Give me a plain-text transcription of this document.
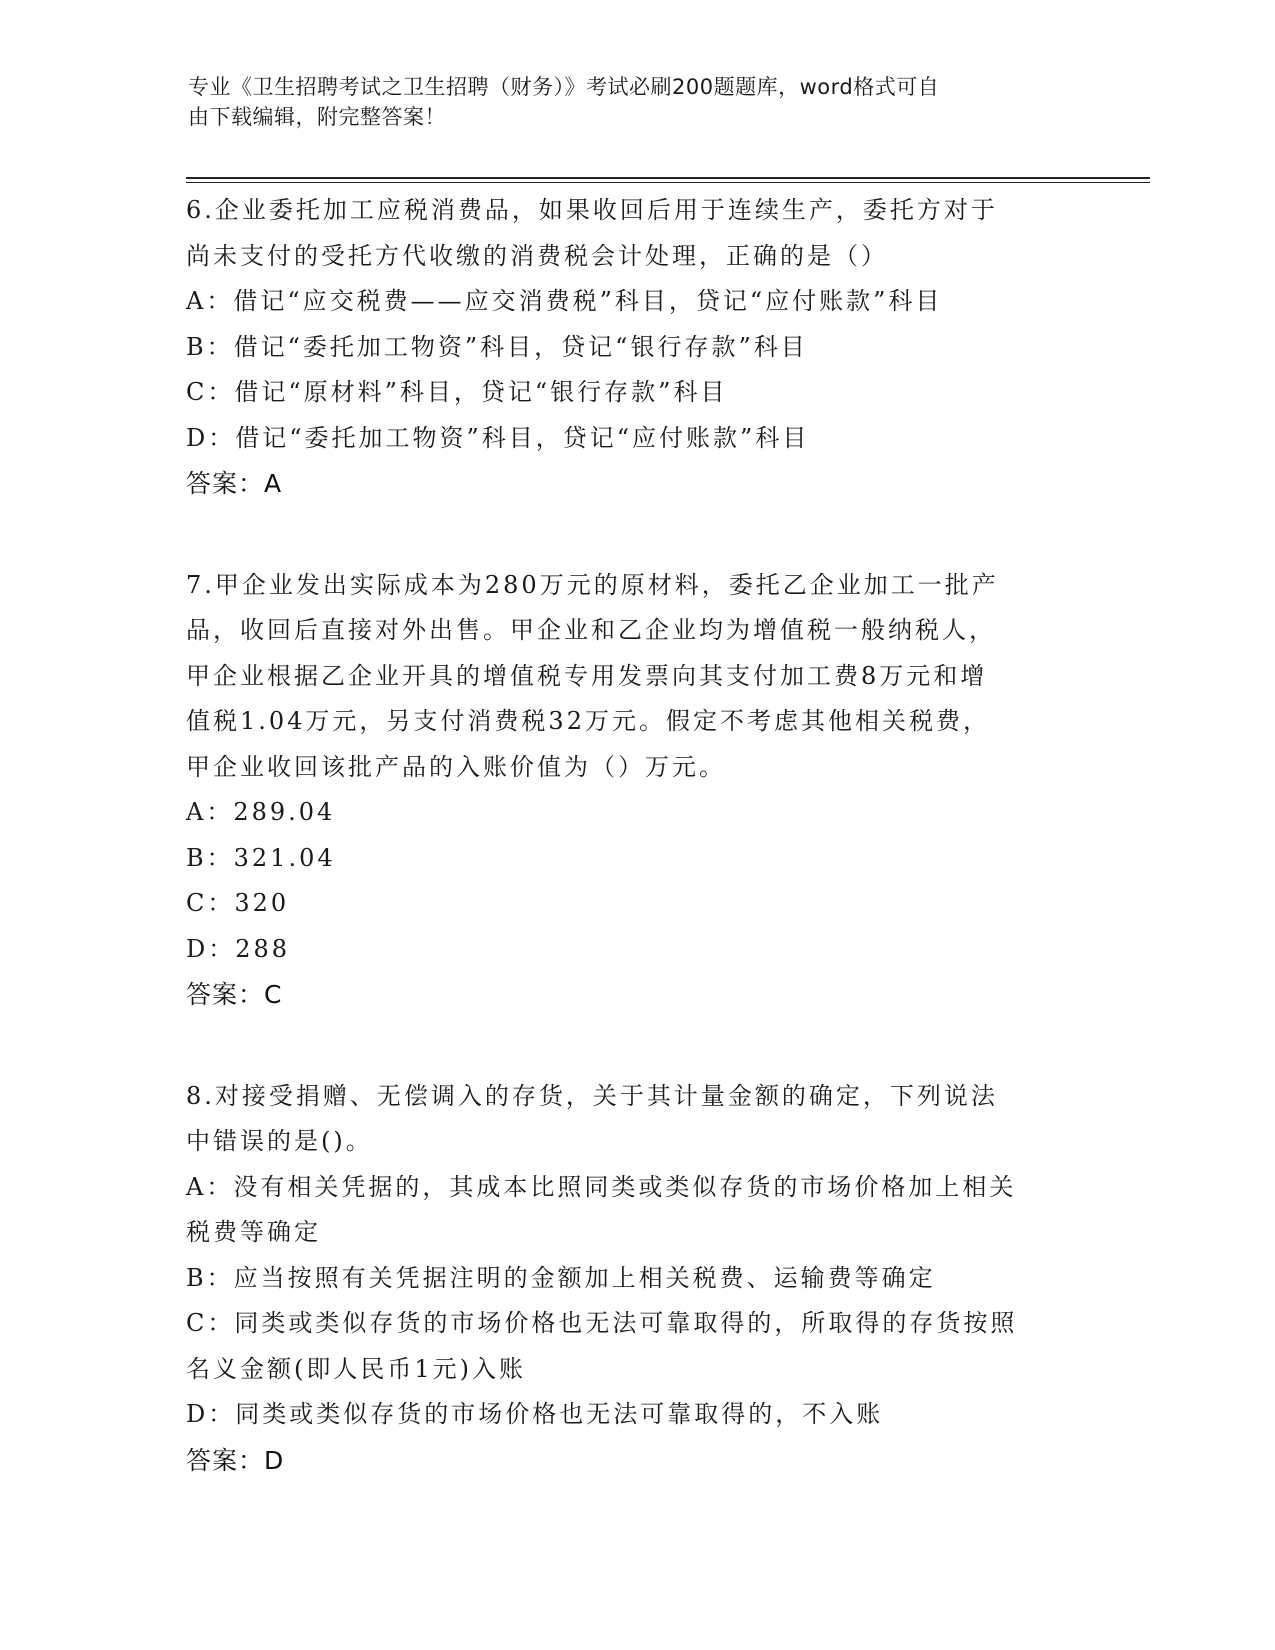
专业《卫生招聘考试之卫生招聘（财务）》考试必刷200题题库，word格式可自
由下载编辑，附完整答案！
6.企业委托加工应税消费品，如果收回后用于连续生产，委托方对于
尚未支付的受托方代收缴的消费税会计处理，正确的是（）
A：借记“应交税费——应交消费税”科目，贷记“应付账款”科目
B：借记“委托加工物资”科目，贷记“银行存款”科目
C：借记“原材料”科目，贷记“银行存款”科目
D：借记“委托加工物资”科目，贷记“应付账款”科目
答案：A
7.甲企业发出实际成本为280万元的原材料，委托乙企业加工一批产
品，收回后直接对外出售。甲企业和乙企业均为增值税一般纳税人，
甲企业根据乙企业开具的增值税专用发票向其支付加工费8万元和增
值税1.04万元，另支付消费税32万元。假定不考虑其他相关税费，
甲企业收回该批产品的入账价值为（）万元。
A：289.04
B：321.04
C：320
D：288
答案：C
8.对接受捐赠、无偿调入的存货，关于其计量金额的确定，下列说法
中错误的是()。
A：没有相关凭据的，其成本比照同类或类似存货的市场价格加上相关
税费等确定
B：应当按照有关凭据注明的金额加上相关税费、运输费等确定
C：同类或类似存货的市场价格也无法可靠取得的，所取得的存货按照
名义金额(即人民币1元)入账
D：同类或类似存货的市场价格也无法可靠取得的，不入账
答案：D
